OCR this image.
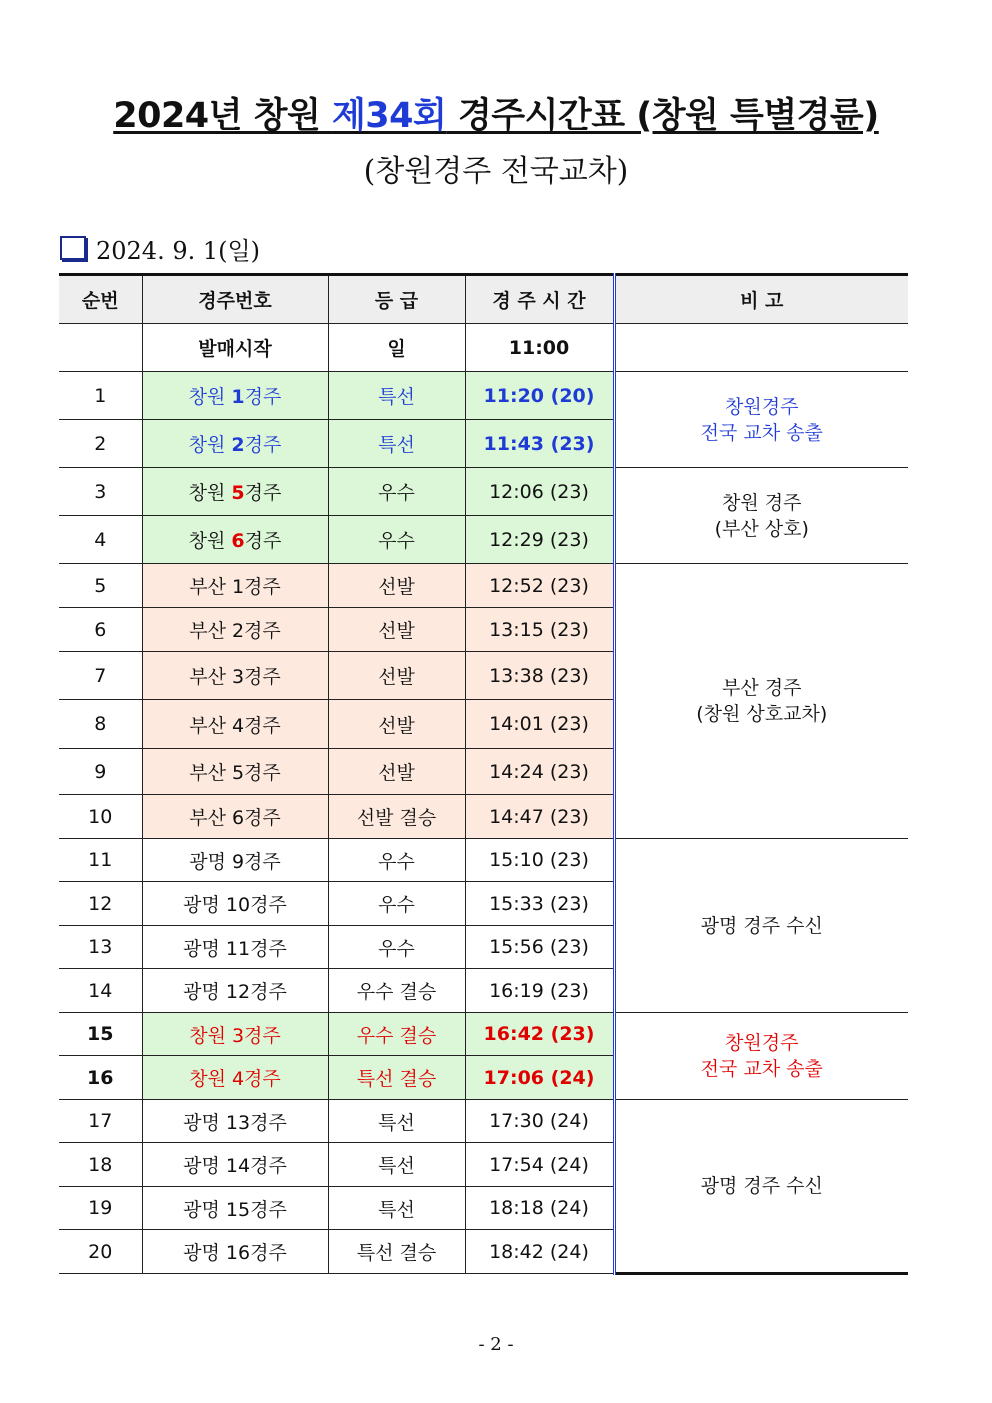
2024년 창원 제34회 경주시간표 (창원 특별경륜)
(창원경주 전국교차)
2024. 9. 1(일)
순번	경주번호	등 급	경 주 시 간	비 고
	발매시작	일	11:00	
1	창원 1경주	특선	11:20 (20)	창원경주
전국 교차 송출
2	창원 2경주	특선	11:43 (23)	
3	창원 5경주	우수	12:06 (23)	창원 경주
(부산 상호)
4	창원 6경주	우수	12:29 (23)	
5	부산 1경주	선발	12:52 (23)	부산 경주
(창원 상호교차)
6	부산 2경주	선발	13:15 (23)	
7	부산 3경주	선발	13:38 (23)	
8	부산 4경주	선발	14:01 (23)	
9	부산 5경주	선발	14:24 (23)	
10	부산 6경주	선발 결승	14:47 (23)	
11	광명 9경주	우수	15:10 (23)	광명 경주 수신
12	광명 10경주	우수	15:33 (23)	
13	광명 11경주	우수	15:56 (23)	
14	광명 12경주	우수 결승	16:19 (23)	
15	창원 3경주	우수 결승	16:42 (23)	창원경주
전국 교차 송출
16	창원 4경주	특선 결승	17:06 (24)	
17	광명 13경주	특선	17:30 (24)	광명 경주 수신
18	광명 14경주	특선	17:54 (24)	
19	광명 15경주	특선	18:18 (24)	
20	광명 16경주	특선 결승	18:42 (24)	
- 2 -
